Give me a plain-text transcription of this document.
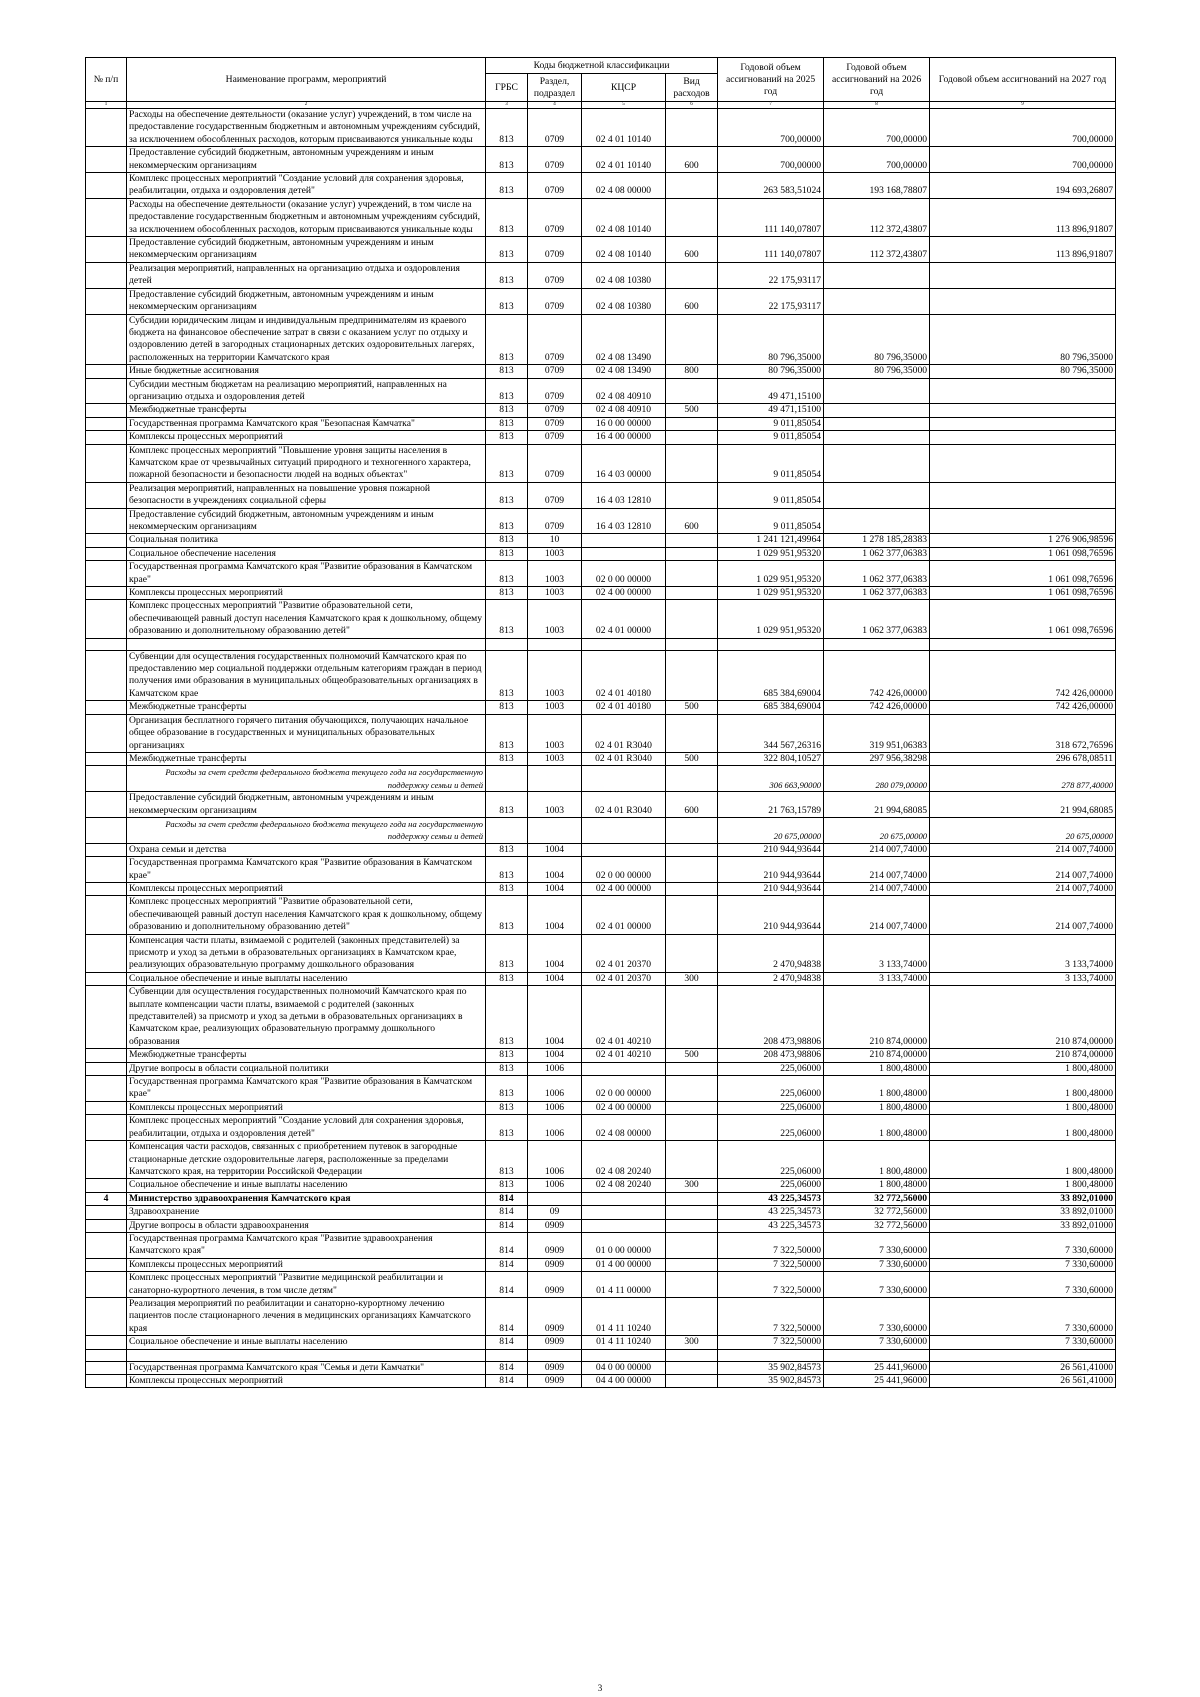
№ п/п	Наименование программ, мероприятий	Коды бюджетной классификации				Годовой объем ассигнований на 2025 год	Годовой объем ассигнований на 2026 год	Годовой объем ассигнований на 2027 год
		ГРБС	Раздел, подраздел	КЦСР	Вид расходов			
1	2	3	4	5	6	7	8	9
	Расходы на обеспечение деятельности (оказание услуг) учреждений, в том числе на предоставление государственным бюджетным и автономным учреждениям субсидий, за исключением обособленных расходов, которым присваиваются уникальные коды	813	0709	02 4 01 10140		700,00000	700,00000	700,00000
	Предоставление субсидий бюджетным, автономным учреждениям и иным некоммерческим организациям	813	0709	02 4 01 10140	600	700,00000	700,00000	700,00000
	Комплекс процессных мероприятий "Создание условий для сохранения здоровья, реабилитации, отдыха и оздоровления детей"	813	0709	02 4 08 00000		263 583,51024	193 168,78807	194 693,26807
	Расходы на обеспечение деятельности (оказание услуг) учреждений, в том числе на предоставление государственным бюджетным и автономным учреждениям субсидий, за исключением обособленных расходов, которым присваиваются уникальные коды	813	0709	02 4 08 10140		111 140,07807	112 372,43807	113 896,91807
	Предоставление субсидий бюджетным, автономным учреждениям и иным некоммерческим организациям	813	0709	02 4 08 10140	600	111 140,07807	112 372,43807	113 896,91807
	Реализация мероприятий, направленных на организацию отдыха и оздоровления детей	813	0709	02 4 08 10380		22 175,93117		
	Предоставление субсидий бюджетным, автономным учреждениям и иным некоммерческим организациям	813	0709	02 4 08 10380	600	22 175,93117		
	Субсидии юридическим лицам и индивидуальным предпринимателям из краевого бюджета на финансовое обеспечение затрат в связи с оказанием услуг по отдыху и оздоровлению детей в загородных стационарных детских оздоровительных лагерях, расположенных на территории Камчатского края	813	0709	02 4 08 13490		80 796,35000	80 796,35000	80 796,35000
	Иные бюджетные ассигнования	813	0709	02 4 08 13490	800	80 796,35000	80 796,35000	80 796,35000
	Субсидии местным бюджетам на реализацию мероприятий, направленных на организацию отдыха и оздоровления детей	813	0709	02 4 08 40910		49 471,15100		
	Межбюджетные трансферты	813	0709	02 4 08 40910	500	49 471,15100		
	Государственная программа Камчатского края "Безопасная Камчатка"	813	0709	16 0 00 00000		9 011,85054		
	Комплексы процессных мероприятий	813	0709	16 4 00 00000		9 011,85054		
	Комплекс процессных мероприятий "Повышение уровня защиты населения в Камчатском крае от чрезвычайных ситуаций природного и техногенного характера, пожарной безопасности и безопасности людей на водных объектах"	813	0709	16 4 03 00000		9 011,85054		
	Реализация мероприятий, направленных на повышение уровня пожарной безопасности в учреждениях социальной сферы	813	0709	16 4 03 12810		9 011,85054		
	Предоставление субсидий бюджетным, автономным учреждениям и иным некоммерческим организациям	813	0709	16 4 03 12810	600	9 011,85054		
	Социальная политика	813	10			1 241 121,49964	1 278 185,28383	1 276 906,98596
	Социальное обеспечение населения	813	1003			1 029 951,95320	1 062 377,06383	1 061 098,76596
	Государственная программа Камчатского края "Развитие образования в Камчатском крае"	813	1003	02 0 00 00000		1 029 951,95320	1 062 377,06383	1 061 098,76596
	Комплексы процессных мероприятий	813	1003	02 4 00 00000		1 029 951,95320	1 062 377,06383	1 061 098,76596
	Комплекс процессных мероприятий "Развитие образовательной сети, обеспечивающей равный доступ населения Камчатского края к дошкольному, общему образованию и дополнительному образованию детей"	813	1003	02 4 01 00000		1 029 951,95320	1 062 377,06383	1 061 098,76596

	Субвенции для осуществления государственных полномочий Камчатского края по предоставлению мер социальной поддержки отдельным категориям граждан в период получения ими образования в муниципальных общеобразовательных организациях в Камчатском крае	813	1003	02 4 01 40180		685 384,69004	742 426,00000	742 426,00000
	Межбюджетные трансферты	813	1003	02 4 01 40180	500	685 384,69004	742 426,00000	742 426,00000
	Организация бесплатного горячего питания обучающихся, получающих начальное общее образование в государственных и муниципальных образовательных организациях	813	1003	02 4 01 R3040		344 567,26316	319 951,06383	318 672,76596
	Межбюджетные трансферты	813	1003	02 4 01 R3040	500	322 804,10527	297 956,38298	296 678,08511
	Расходы за счет средств федерального бюджета текущего года на государственную поддержку семьи и детей					306 663,90000	280 079,00000	278 877,40000
	Предоставление субсидий бюджетным, автономным учреждениям и иным некоммерческим организациям	813	1003	02 4 01 R3040	600	21 763,15789	21 994,68085	21 994,68085
	Расходы за счет средств федерального бюджета текущего года на государственную поддержку семьи и детей					20 675,00000	20 675,00000	20 675,00000
	Охрана семьи и детства	813	1004			210 944,93644	214 007,74000	214 007,74000
	Государственная программа Камчатского края "Развитие образования в Камчатском крае"	813	1004	02 0 00 00000		210 944,93644	214 007,74000	214 007,74000
	Комплексы процессных мероприятий	813	1004	02 4 00 00000		210 944,93644	214 007,74000	214 007,74000
	Комплекс процессных мероприятий "Развитие образовательной сети, обеспечивающей равный доступ населения Камчатского края к дошкольному, общему образованию и дополнительному образованию детей"	813	1004	02 4 01 00000		210 944,93644	214 007,74000	214 007,74000
	Компенсация части платы, взимаемой с родителей (законных представителей) за присмотр и уход за детьми в образовательных организациях в Камчатском крае, реализующих образовательную программу дошкольного образования	813	1004	02 4 01 20370		2 470,94838	3 133,74000	3 133,74000
	Социальное обеспечение и иные выплаты населению	813	1004	02 4 01 20370	300	2 470,94838	3 133,74000	3 133,74000
	Субвенции для осуществления государственных полномочий Камчатского края по выплате компенсации части платы, взимаемой с родителей (законных представителей) за присмотр и уход за детьми в образовательных организациях в Камчатском крае, реализующих образовательную программу дошкольного образования	813	1004	02 4 01 40210		208 473,98806	210 874,00000	210 874,00000
	Межбюджетные трансферты	813	1004	02 4 01 40210	500	208 473,98806	210 874,00000	210 874,00000
	Другие вопросы в области социальной политики	813	1006			225,06000	1 800,48000	1 800,48000
	Государственная программа Камчатского края "Развитие образования в Камчатском крае"	813	1006	02 0 00 00000		225,06000	1 800,48000	1 800,48000
	Комплексы процессных мероприятий	813	1006	02 4 00 00000		225,06000	1 800,48000	1 800,48000
	Комплекс процессных мероприятий "Создание условий для сохранения здоровья, реабилитации, отдыха и оздоровления детей"	813	1006	02 4 08 00000		225,06000	1 800,48000	1 800,48000
	Компенсация части расходов, связанных с приобретением путевок в загородные стационарные детские оздоровительные лагеря, расположенные за пределами Камчатского края, на территории Российской Федерации	813	1006	02 4 08 20240		225,06000	1 800,48000	1 800,48000
	Социальное обеспечение и иные выплаты населению	813	1006	02 4 08 20240	300	225,06000	1 800,48000	1 800,48000
4	Министерство здравоохранения Камчатского края	814				43 225,34573	32 772,56000	33 892,01000
	Здравоохранение	814	09			43 225,34573	32 772,56000	33 892,01000
	Другие вопросы в области здравоохранения	814	0909			43 225,34573	32 772,56000	33 892,01000
	Государственная программа Камчатского края "Развитие здравоохранения Камчатского края"	814	0909	01 0 00 00000		7 322,50000	7 330,60000	7 330,60000
	Комплексы процессных мероприятий	814	0909	01 4 00 00000		7 322,50000	7 330,60000	7 330,60000
	Комплекс процессных мероприятий "Развитие медицинской реабилитации и санаторно-курортного лечения, в том числе детям"	814	0909	01 4 11 00000		7 322,50000	7 330,60000	7 330,60000
	Реализация мероприятий по реабилитации и санаторно-курортному лечению пациентов после стационарного лечения в медицинских организациях Камчатского края	814	0909	01 4 11 10240		7 322,50000	7 330,60000	7 330,60000
	Социальное обеспечение и иные выплаты населению	814	0909	01 4 11 10240	300	7 322,50000	7 330,60000	7 330,60000

	Государственная программа Камчатского края "Семья и дети Камчатки"	814	0909	04 0 00 00000		35 902,84573	25 441,96000	26 561,41000
	Комплексы процессных мероприятий	814	0909	04 4 00 00000		35 902,84573	25 441,96000	26 561,41000
3
